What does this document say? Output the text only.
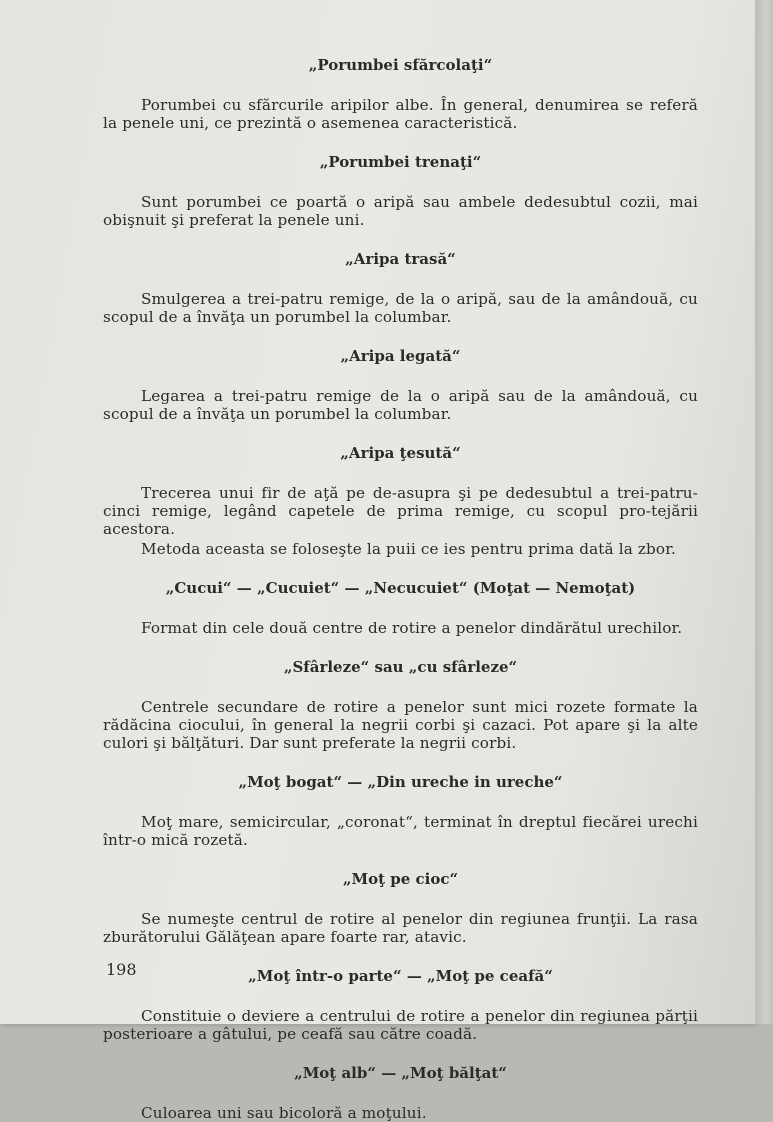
„Porumbei sfărcolaţi“

Porumbei cu sfărcurile aripilor albe. În general, denumirea se referă la penele uni, ce prezintă o asemenea caracteristică.

„Porumbei trenaţi“

Sunt porumbei ce poartă o aripă sau ambele dedesubtul cozii, mai obişnuit şi preferat la penele uni.

„Aripa trasă“

Smulgerea a trei-patru remige, de la o aripă, sau de la amândouă, cu scopul de a învăţa un porumbel la columbar.

„Aripa legată“

Legarea a trei-patru remige de la o aripă sau de la amândouă, cu scopul de a învăţa un porumbel la columbar.

„Aripa ţesută“

Trecerea unui fir de aţă pe de-asupra şi pe dedesubtul a trei-patru-cinci remige, legând capetele de prima remige, cu scopul pro-tejării acestora.

Metoda aceasta se foloseşte la puii ce ies pentru prima dată la zbor.

„Cucui“ — „Cucuiet“ — „Necucuiet“ (Moţat — Nemoţat)

Format din cele două centre de rotire a penelor dindărătul urechilor.

„Sfârleze“ sau „cu sfârleze“

Centrele secundare de rotire a penelor sunt mici rozete formate la rădăcina ciocului, în general la negrii corbi şi cazaci. Pot apare şi la alte culori şi bălţături. Dar sunt preferate la negrii corbi.

„Moţ bogat“ — „Din ureche in ureche“

Moţ mare, semicircular, „coronat“, terminat în dreptul fiecărei urechi într-o mică rozetă.

„Moţ pe cioc“

Se numeşte centrul de rotire al penelor din regiunea frunţii. La rasa zburătorului Gălăţean apare foarte rar, atavic.

„Moţ într-o parte“ — „Moţ pe ceafă“

Constituie o deviere a centrului de rotire a penelor din regiunea părţii posterioare a gâtului, pe ceafă sau către coadă.

„Moţ alb“ — „Moţ bălţat“

Culoarea uni sau bicoloră a moţului.

198
